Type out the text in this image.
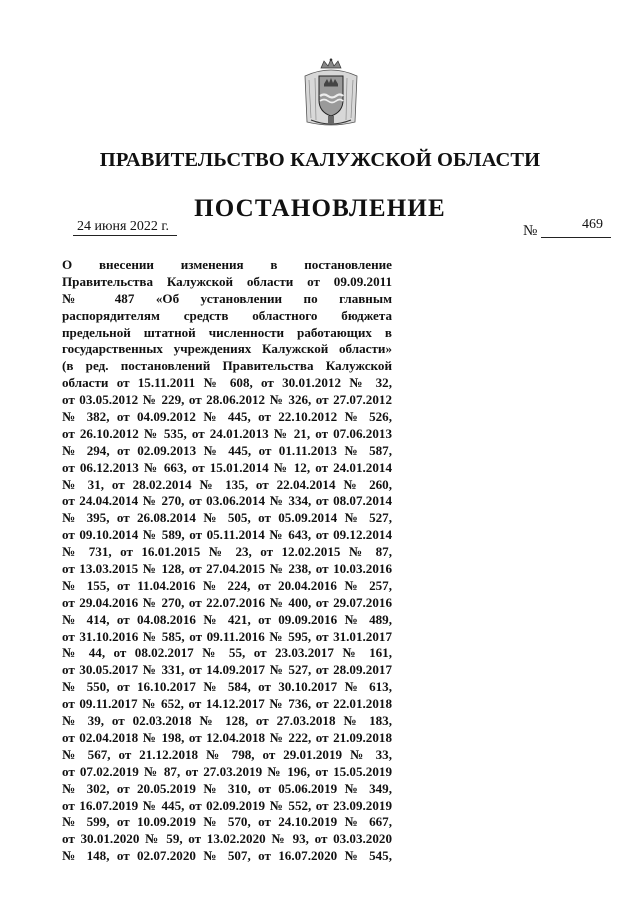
ПРАВИТЕЛЬСТВО КАЛУЖСКОЙ ОБЛАСТИ
ПОСТАНОВЛЕНИЕ
24 июня 2022 г.	№	469
О внесении изменения в постановление
Правительства Калужской области от 09.09.2011
№ 487 «Об установлении по главным
распорядителям средств областного бюджета
предельной штатной численности работающих в
государственных учреждениях Калужской области»
(в ред. постановлений Правительства Калужской
области от 15.11.2011 № 608, от 30.01.2012 № 32,
от 03.05.2012 № 229, от 28.06.2012 № 326, от 27.07.2012
№ 382, от 04.09.2012 № 445, от 22.10.2012 № 526,
от 26.10.2012 № 535, от 24.01.2013 № 21, от 07.06.2013
№ 294, от 02.09.2013 № 445, от 01.11.2013 № 587,
от 06.12.2013 № 663, от 15.01.2014 № 12, от 24.01.2014
№ 31, от 28.02.2014 № 135, от 22.04.2014 № 260,
от 24.04.2014 № 270, от 03.06.2014 № 334, от 08.07.2014
№ 395, от 26.08.2014 № 505, от 05.09.2014 № 527,
от 09.10.2014 № 589, от 05.11.2014 № 643, от 09.12.2014
№ 731, от 16.01.2015 № 23, от 12.02.2015 № 87,
от 13.03.2015 № 128, от 27.04.2015 № 238, от 10.03.2016
№ 155, от 11.04.2016 № 224, от 20.04.2016 № 257,
от 29.04.2016 № 270, от 22.07.2016 № 400, от 29.07.2016
№ 414, от 04.08.2016 № 421, от 09.09.2016 № 489,
от 31.10.2016 № 585, от 09.11.2016 № 595, от 31.01.2017
№ 44, от 08.02.2017 № 55, от 23.03.2017 № 161,
от 30.05.2017 № 331, от 14.09.2017 № 527, от 28.09.2017
№ 550, от 16.10.2017 № 584, от 30.10.2017 № 613,
от 09.11.2017 № 652, от 14.12.2017 № 736, от 22.01.2018
№ 39, от 02.03.2018 № 128, от 27.03.2018 № 183,
от 02.04.2018 № 198, от 12.04.2018 № 222, от 21.09.2018
№ 567, от 21.12.2018 № 798, от 29.01.2019 № 33,
от 07.02.2019 № 87, от 27.03.2019 № 196, от 15.05.2019
№ 302, от 20.05.2019 № 310, от 05.06.2019 № 349,
от 16.07.2019 № 445, от 02.09.2019 № 552, от 23.09.2019
№ 599, от 10.09.2019 № 570, от 24.10.2019 № 667,
от 30.01.2020 № 59, от 13.02.2020 № 93, от 03.03.2020
№ 148, от 02.07.2020 № 507, от 16.07.2020 № 545,
